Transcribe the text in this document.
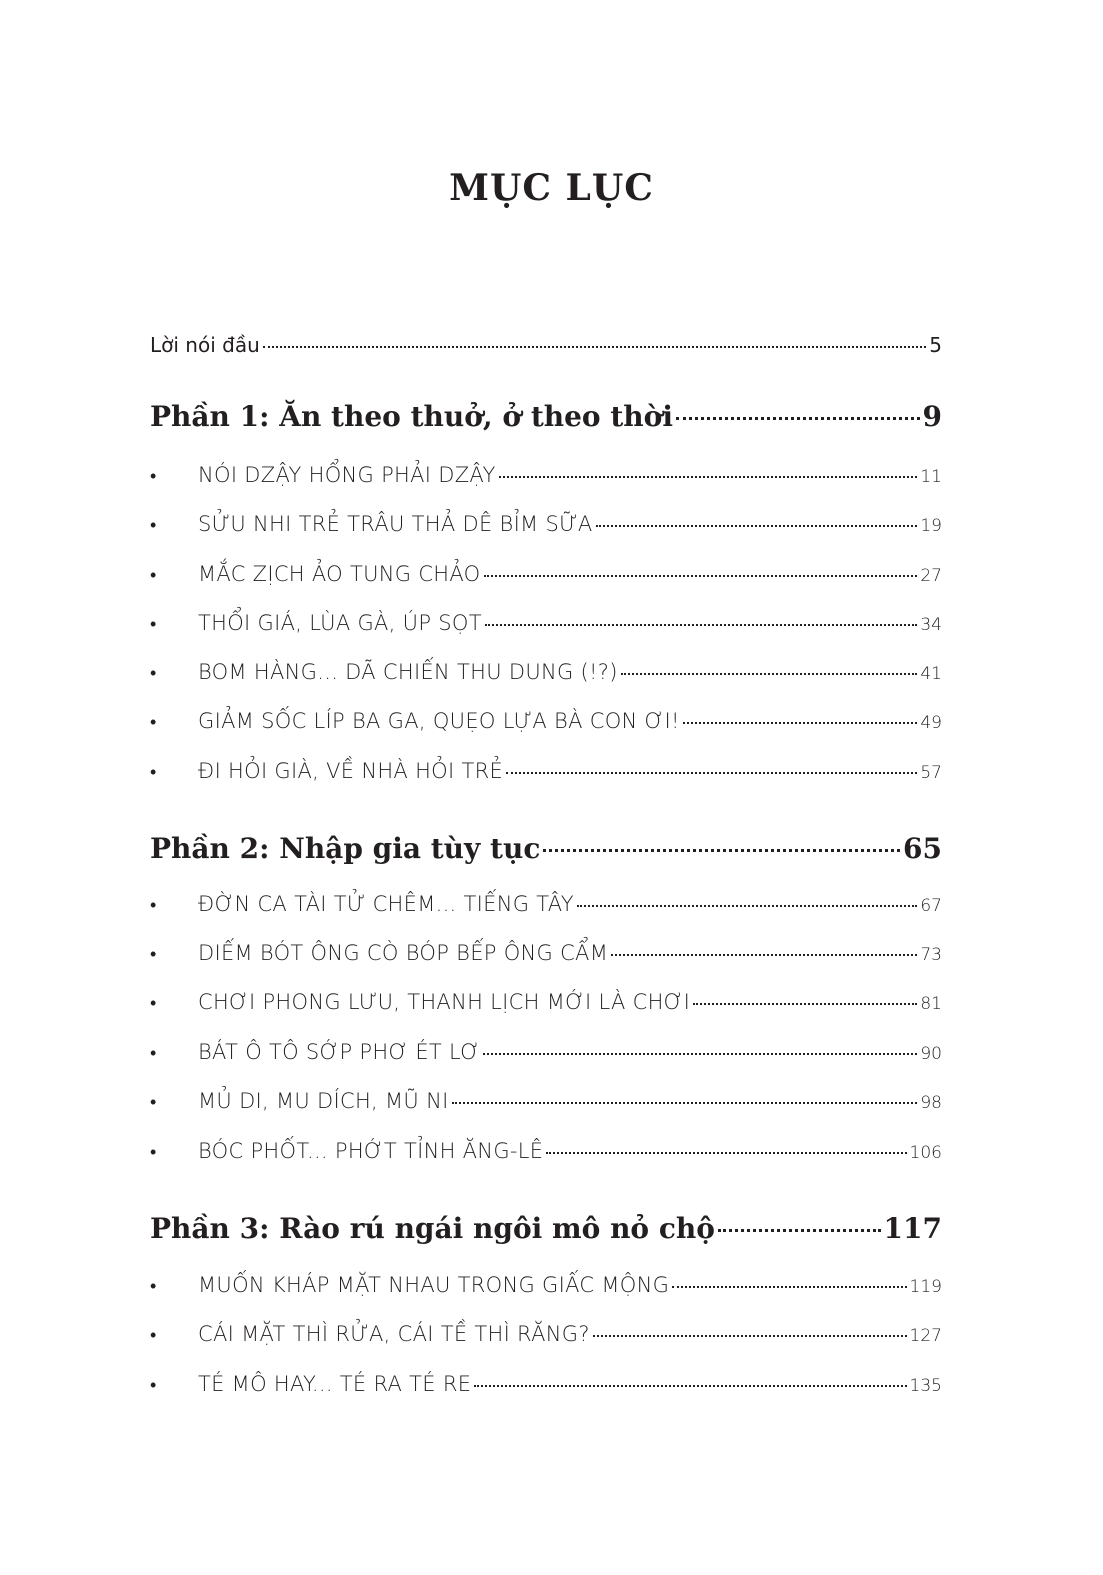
MỤC LỤC
Lời nói đầu	5
Phần 1: Ăn theo thuở, ở theo thời	9
•	NÓI DZẬY HỔNG PHẢI DZẬY	11
•	SỬU NHI TRẺ TRÂU THẢ DÊ BỈM SỮA	19
•	MẮC ZỊCH ẢO TUNG CHẢO	27
•	THỔI GIÁ, LÙA GÀ, ÚP SỌT	34
•	BOM HÀNG... DÃ CHIẾN THU DUNG (!?)	41
•	GIẢM SỐC LÍP BA GA, QUẸO LỰA BÀ CON ƠI!	49
•	ĐI HỎI GIÀ, VỀ NHÀ HỎI TRẺ	57
Phần 2: Nhập gia tùy tục	65
•	ĐỜN CA TÀI TỬ CHÊM... TIẾNG TÂY	67
•	DIẾM BÓT ÔNG CÒ BÓP BẾP ÔNG CẨM	73
•	CHƠI PHONG LƯU, THANH LỊCH MỚI LÀ CHƠI	81
•	BÁT Ô TÔ SỚP PHƠ ÉT LƠ	90
•	MỦ DI, MU DÍCH, MŨ NI	98
•	BÓC PHỐT... PHỚT TỈNH ĂNG-LÊ	106
Phần 3: Rào rú ngái ngôi mô nỏ chộ	117
•	MUỐN KHÁP MẶT NHAU TRONG GIẤC MỘNG	119
•	CÁI MẶT THÌ RỬA, CÁI TỀ THÌ RĂNG?	127
•	TÉ MÔ HAY... TÉ RA TÉ RE	135
